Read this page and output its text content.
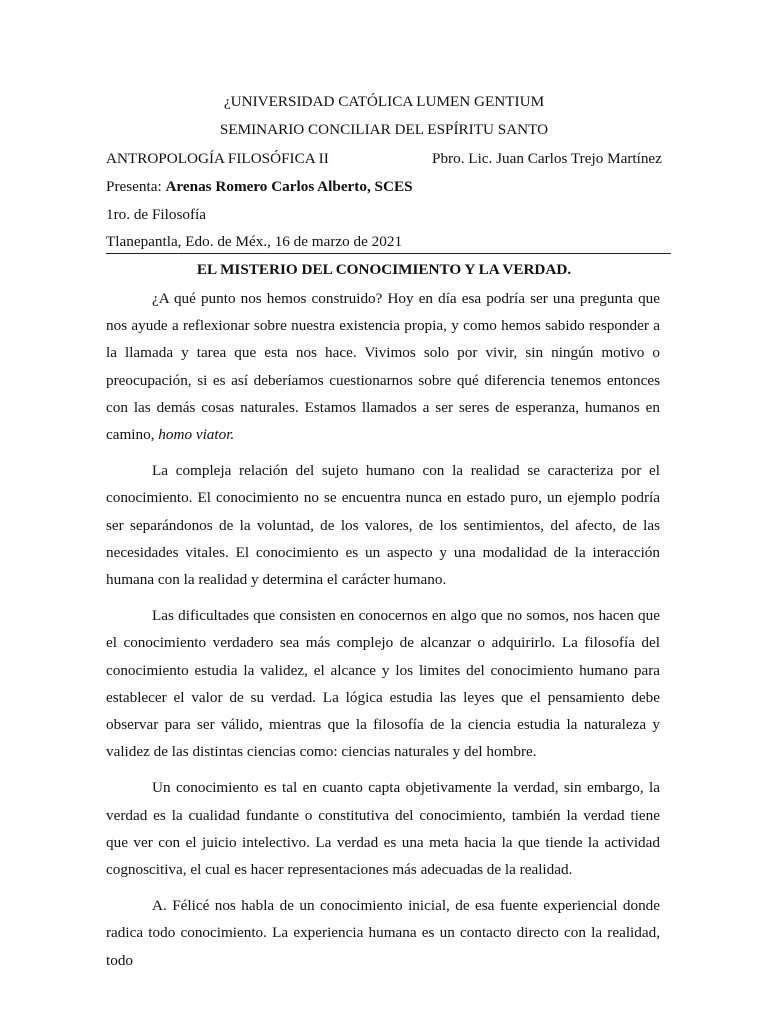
¿UNIVERSIDAD CATÓLICA LUMEN GENTIUM
SEMINARIO CONCILIAR DEL ESPÍRITU SANTO
ANTROPOLOGÍA FILOSÓFICA II	Pbro. Lic. Juan Carlos Trejo Martínez
Presenta: Arenas Romero Carlos Alberto, SCES
1ro. de Filosofía
Tlanepantla, Edo. de Méx., 16 de marzo de 2021
EL MISTERIO DEL CONOCIMIENTO Y LA VERDAD.

¿A qué punto nos hemos construido? Hoy en día esa podría ser una pregunta que nos ayude a reflexionar sobre nuestra existencia propia, y como hemos sabido responder a la llamada y tarea que esta nos hace. Vivimos solo por vivir, sin ningún motivo o preocupación, si es así deberíamos cuestionarnos sobre qué diferencia tenemos entonces con las demás cosas naturales. Estamos llamados a ser seres de esperanza, humanos en camino, homo viator.

La compleja relación del sujeto humano con la realidad se caracteriza por el conocimiento. El conocimiento no se encuentra nunca en estado puro, un ejemplo podría ser separándonos de la voluntad, de los valores, de los sentimientos, del afecto, de las necesidades vitales. El conocimiento es un aspecto y una modalidad de la interacción humana con la realidad y determina el carácter humano.

Las dificultades que consisten en conocernos en algo que no somos, nos hacen que el conocimiento verdadero sea más complejo de alcanzar o adquirirlo. La filosofía del conocimiento estudia la validez, el alcance y los limites del conocimiento humano para establecer el valor de su verdad. La lógica estudia las leyes que el pensamiento debe observar para ser válido, mientras que la filosofía de la ciencia estudia la naturaleza y validez de las distintas ciencias como: ciencias naturales y del hombre.

Un conocimiento es tal en cuanto capta objetivamente la verdad, sin embargo, la verdad es la cualidad fundante o constitutiva del conocimiento, también la verdad tiene que ver con el juicio intelectivo. La verdad es una meta hacia la que tiende la actividad cognoscitiva, el cual es hacer representaciones más adecuadas de la realidad.

A. Félicé nos habla de un conocimiento inicial, de esa fuente experiencial donde radica todo conocimiento. La experiencia humana es un contacto directo con la realidad, todo
